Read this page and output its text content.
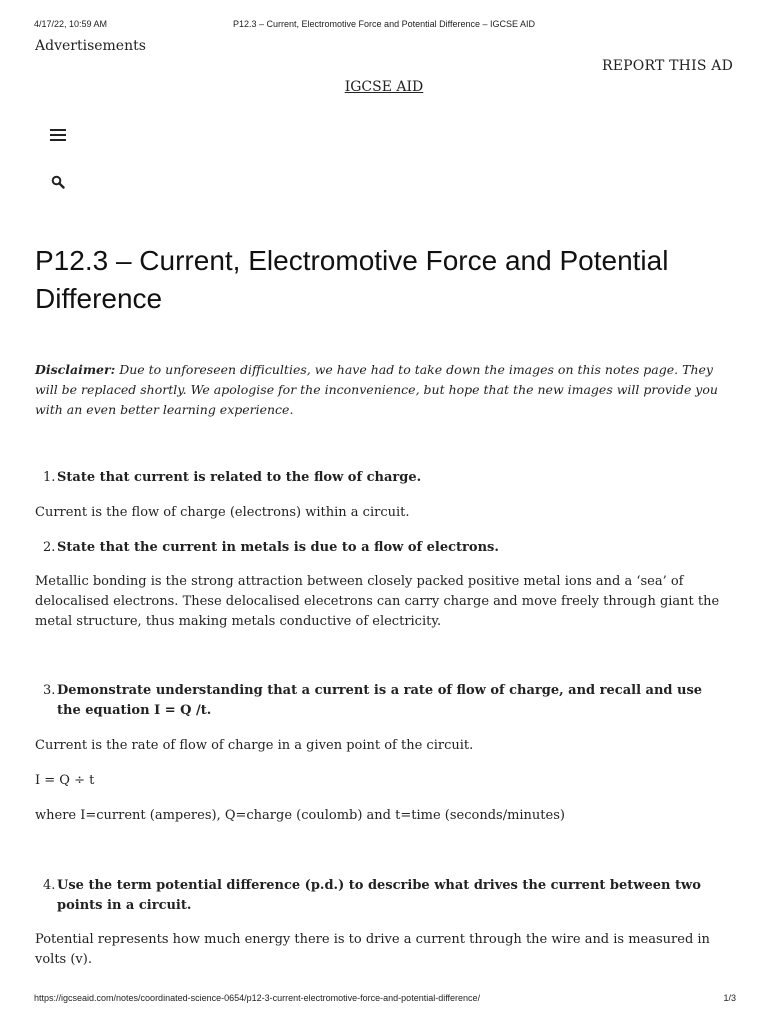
4/17/22, 10:59 AM	P12.3 – Current, Electromotive Force and Potential Difference – IGCSE AID
Advertisements
REPORT THIS AD
IGCSE AID
P12.3 – Current, Electromotive Force and Potential Difference

Disclaimer: Due to unforeseen difficulties, we have had to take down the images on this notes page. They will be replaced shortly. We apologise for the inconvenience, but hope that the new images will provide you with an even better learning experience.

1. State that current is related to the flow of charge.

Current is the flow of charge (electrons) within a circuit.

2. State that the current in metals is due to a flow of electrons.

Metallic bonding is the strong attraction between closely packed positive metal ions and a ‘sea’ of delocalised electrons. These delocalised elecetrons can carry charge and move freely through giant the metal structure, thus making metals conductive of electricity.

3. Demonstrate understanding that a current is a rate of flow of charge, and recall and use the equation I = Q /t.

Current is the rate of flow of charge in a given point of the circuit.

I = Q ÷ t

where I=current (amperes), Q=charge (coulomb) and t=time (seconds/minutes)

4. Use the term potential difference (p.d.) to describe what drives the current between two points in a circuit.

Potential represents how much energy there is to drive a current through the wire and is measured in volts (v).

https://igcseaid.com/notes/coordinated-science-0654/p12-3-current-electromotive-force-and-potential-difference/	1/3
